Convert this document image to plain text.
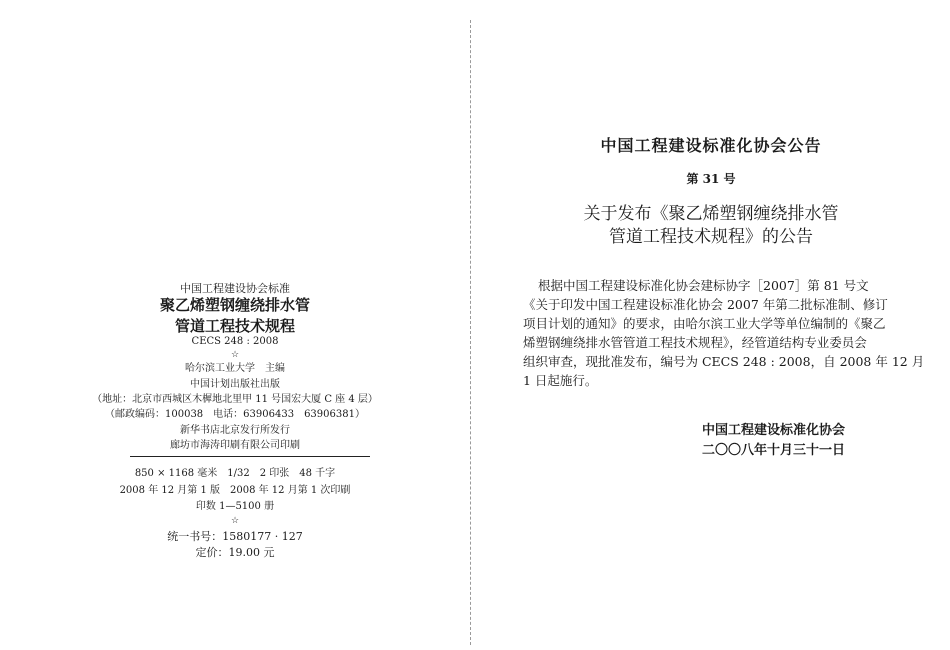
中国工程建设协会标准
聚乙烯塑钢缠绕排水管
管道工程技术规程
CECS 248 : 2008
☆
哈尔滨工业大学　主编
中国计划出版社出版
（地址：北京市西城区木樨地北里甲 11 号国宏大厦 C 座 4 层）
（邮政编码：100038　电话：63906433　63906381）
新华书店北京发行所发行
廊坊市海涛印刷有限公司印刷
850 × 1168 毫米　1/32　2 印张　48 千字
2008 年 12 月第 1 版　2008 年 12 月第 1 次印刷
印数 1—5100 册
☆
统一书号：1580177 · 127
定价：19.00 元
中国工程建设标准化协会公告
第 31 号
关于发布《聚乙烯塑钢缠绕排水管
管道工程技术规程》的公告
根据中国工程建设标准化协会建标协字［2007］第 81 号文
《关于印发中国工程建设标准化协会 2007 年第二批标准制、修订
项目计划的通知》的要求，由哈尔滨工业大学等单位编制的《聚乙
烯塑钢缠绕排水管管道工程技术规程》，经管道结构专业委员会
组织审查，现批准发布，编号为 CECS 248 : 2008，自 2008 年 12 月
1 日起施行。
中国工程建设标准化协会
二〇〇八年十月三十一日
